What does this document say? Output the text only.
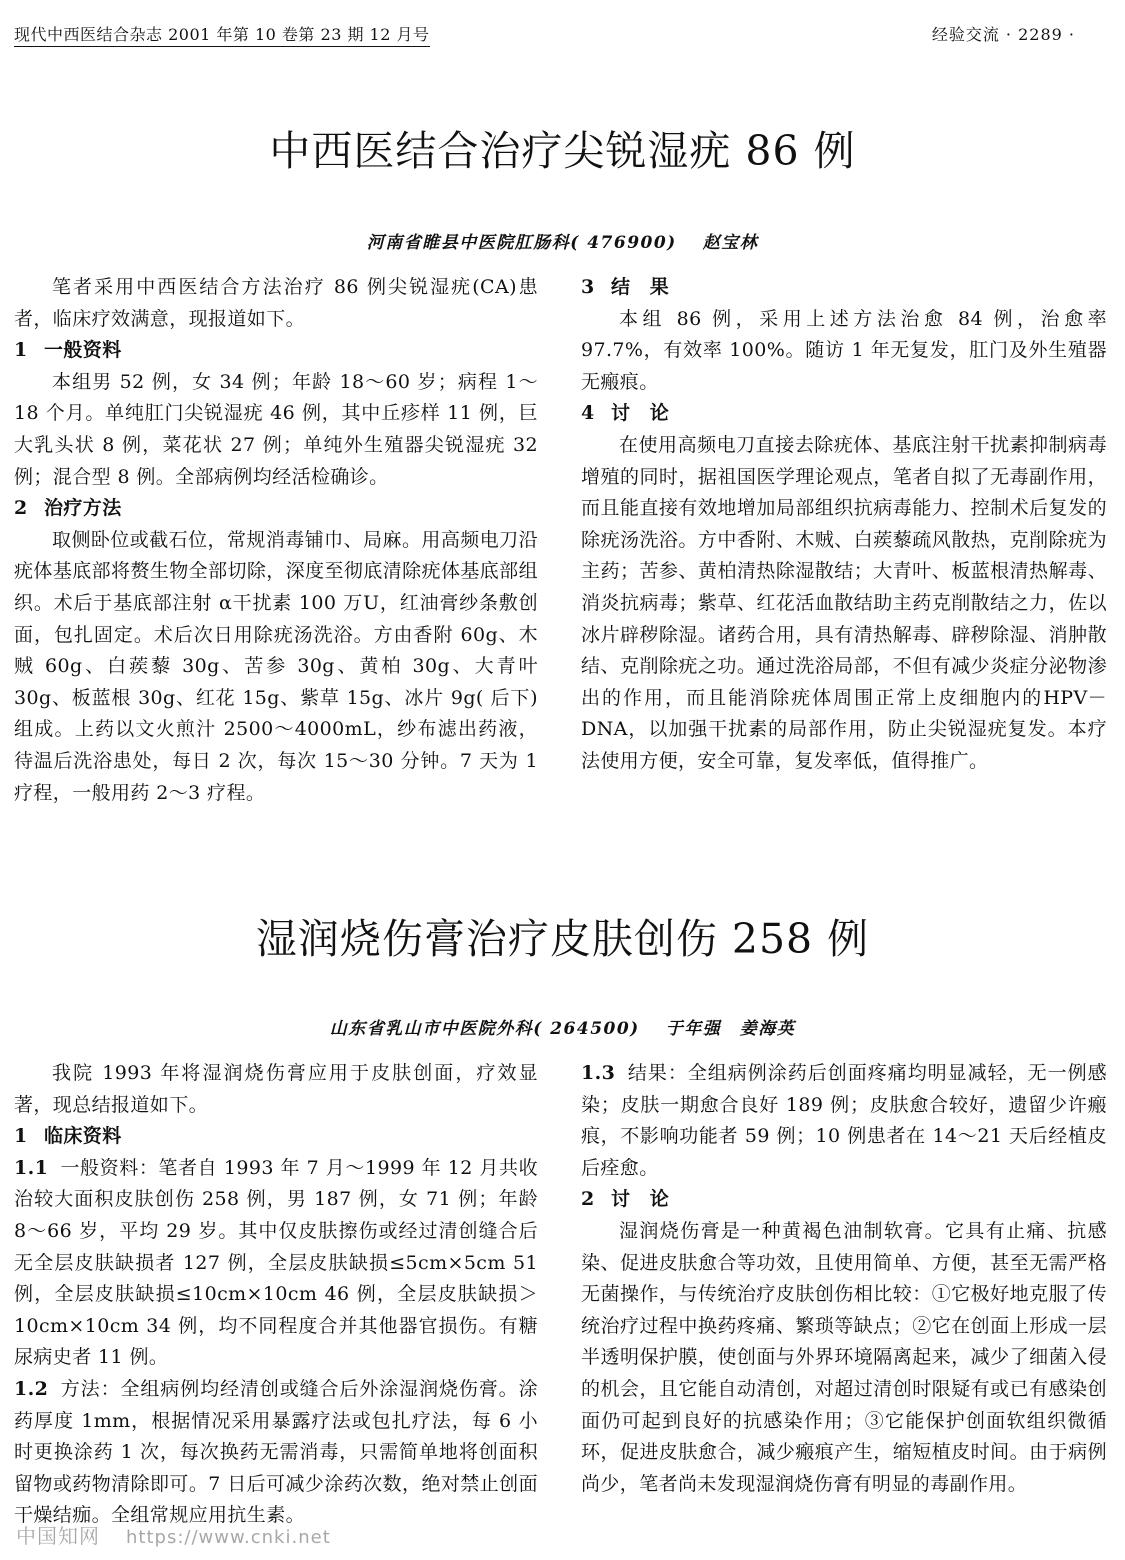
现代中西医结合杂志 2001 年第 10 卷第 23 期 12 月号	经验交流 · 2289 ·
中西医结合治疗尖锐湿疣 86 例
河南省睢县中医院肛肠科( 476900) 赵宝林

笔者采用中西医结合方法治疗 86 例尖锐湿疣(CA)患者，临床疗效满意，现报道如下。

1 一般资料

本组男 52 例，女 34 例；年龄 18～60 岁；病程 1～18 个月。单纯肛门尖锐湿疣 46 例，其中丘疹样 11 例，巨大乳头状 8 例，菜花状 27 例；单纯外生殖器尖锐湿疣 32 例；混合型 8 例。全部病例均经活检确诊。

2 治疗方法

取侧卧位或截石位，常规消毒铺巾、局麻。用高频电刀沿疣体基底部将赘生物全部切除，深度至彻底清除疣体基底部组织。术后于基底部注射 α干扰素 100 万U，红油膏纱条敷创面，包扎固定。术后次日用除疣汤洗浴。方由香附 60g、木贼 60g、白蒺藜 30g、苦参 30g、黄柏 30g、大青叶 30g、板蓝根 30g、红花 15g、紫草 15g、冰片 9g( 后下) 组成。上药以文火煎汁 2500～4000mL，纱布滤出药液，待温后洗浴患处，每日 2 次，每次 15～30 分钟。7 天为 1 疗程，一般用药 2～3 疗程。

3 结　果

本组 86 例，采用上述方法治愈 84 例，治愈率 97.7%，有效率 100%。随访 1 年无复发，肛门及外生殖器无瘢痕。

4 讨　论

在使用高频电刀直接去除疣体、基底注射干扰素抑制病毒增殖的同时，据祖国医学理论观点，笔者自拟了无毒副作用，而且能直接有效地增加局部组织抗病毒能力、控制术后复发的除疣汤洗浴。方中香附、木贼、白蒺藜疏风散热，克削除疣为主药；苦参、黄柏清热除湿散结；大青叶、板蓝根清热解毒、消炎抗病毒；紫草、红花活血散结助主药克削散结之力，佐以冰片辟秽除湿。诸药合用，具有清热解毒、辟秽除湿、消肿散结、克削除疣之功。通过洗浴局部，不但有减少炎症分泌物渗出的作用，而且能消除疣体周围正常上皮细胞内的HPV－DNA，以加强干扰素的局部作用，防止尖锐湿疣复发。本疗法使用方便，安全可靠，复发率低，值得推广。

湿润烧伤膏治疗皮肤创伤 258 例
山东省乳山市中医院外科( 264500) 于年强　姜海英

我院 1993 年将湿润烧伤膏应用于皮肤创面，疗效显著，现总结报道如下。

1 临床资料

1.1 一般资料：笔者自 1993 年 7 月～1999 年 12 月共收治较大面积皮肤创伤 258 例，男 187 例，女 71 例；年龄 8～66 岁，平均 29 岁。其中仅皮肤擦伤或经过清创缝合后无全层皮肤缺损者 127 例，全层皮肤缺损≤5cm×5cm 51 例，全层皮肤缺损≤10cm×10cm 46 例，全层皮肤缺损＞10cm×10cm 34 例，均不同程度合并其他器官损伤。有糖尿病史者 11 例。

1.2 方法：全组病例均经清创或缝合后外涂湿润烧伤膏。涂药厚度 1mm，根据情况采用暴露疗法或包扎疗法，每 6 小时更换涂药 1 次，每次换药无需消毒，只需简单地将创面积留物或药物清除即可。7 日后可减少涂药次数，绝对禁止创面干燥结痂。全组常规应用抗生素。

1.3 结果：全组病例涂药后创面疼痛均明显减轻，无一例感染；皮肤一期愈合良好 189 例；皮肤愈合较好，遗留少许瘢痕，不影响功能者 59 例；10 例患者在 14～21 天后经植皮后痊愈。

2 讨　论

湿润烧伤膏是一种黄褐色油制软膏。它具有止痛、抗感染、促进皮肤愈合等功效，且使用简单、方便，甚至无需严格无菌操作，与传统治疗皮肤创伤相比较：①它极好地克服了传统治疗过程中换药疼痛、繁琐等缺点；②它在创面上形成一层半透明保护膜，使创面与外界环境隔离起来，减少了细菌入侵的机会，且它能自动清创，对超过清创时限疑有或已有感染创面仍可起到良好的抗感染作用；③它能保护创面软组织微循环，促进皮肤愈合，减少瘢痕产生，缩短植皮时间。由于病例尚少，笔者尚未发现湿润烧伤膏有明显的毒副作用。

中国知网 https://www.cnki.net
